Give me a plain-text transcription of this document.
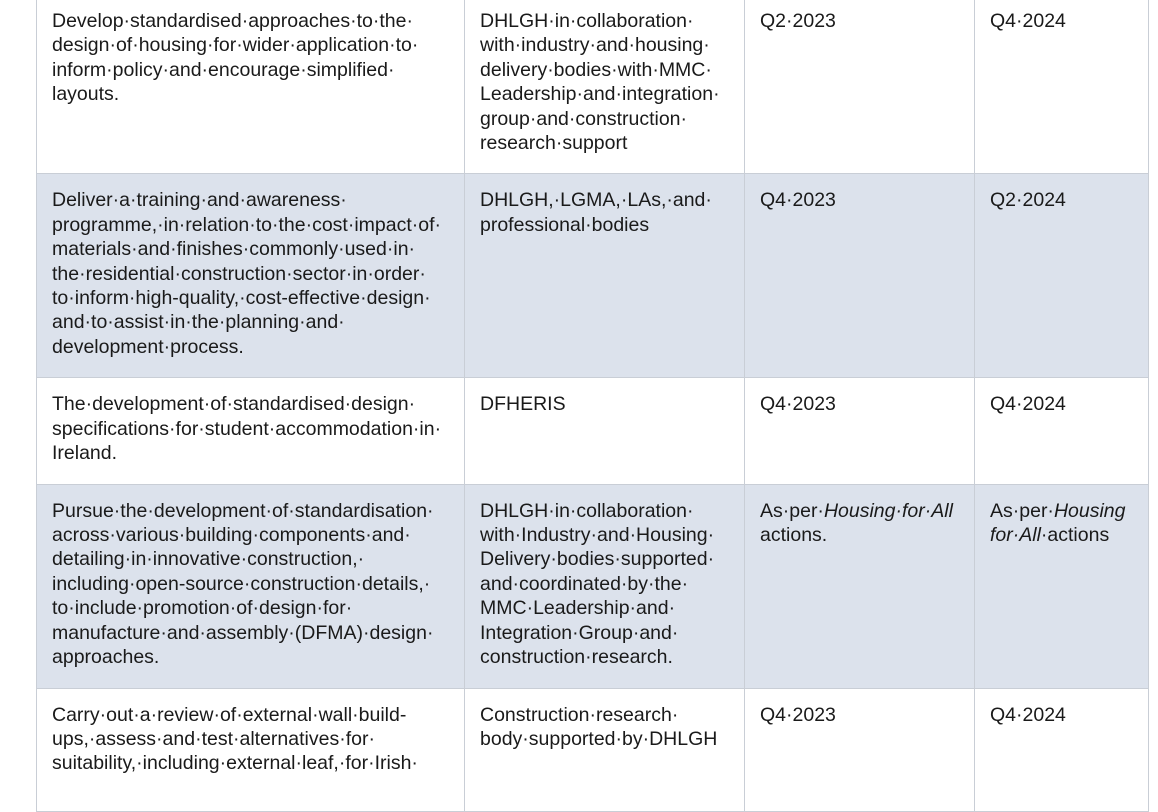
Develop·standardised·approaches·to·the· design·of·housing·for·wider·application·to· inform·policy·and·encourage·simplified· layouts.	DHLGH·in·collaboration· with·industry·and·housing· delivery·bodies·with·MMC· Leadership·and·integration· group·and·construction· research·support	Q2·2023	Q4·2024
Deliver·a·training·and·awareness· programme,·in·relation·to·the·cost·impact·of· materials·and·finishes·commonly·used·in· the·residential·construction·sector·in·order· to·inform·high-quality,·cost-effective·design· and·to·assist·in·the·planning·and· development·process.	DHLGH,·LGMA,·LAs,·and· professional·bodies	Q4·2023	Q2·2024
The·development·of·standardised·design· specifications·for·student·accommodation·in· Ireland.	DFHERIS	Q4·2023	Q4·2024
Pursue·the·development·of·standardisation· across·various·building·components·and· detailing·in·innovative·construction,· including·open-source·construction·details,· to·include·promotion·of·design·for· manufacture·and·assembly·(DFMA)·design· approaches.	DHLGH·in·collaboration· with·Industry·and·Housing· Delivery·bodies·supported· and·coordinated·by·the· MMC·Leadership·and· Integration·Group·and· construction·research.	As·per·Housing·for·All actions.	As·per·Housing for·All·actions
Carry·out·a·review·of·external·wall·build- ups,·assess·and·test·alternatives·for· suitability,·including·external·leaf,·for·Irish·	Construction·research· body·supported·by·DHLGH	Q4·2023	Q4·2024
